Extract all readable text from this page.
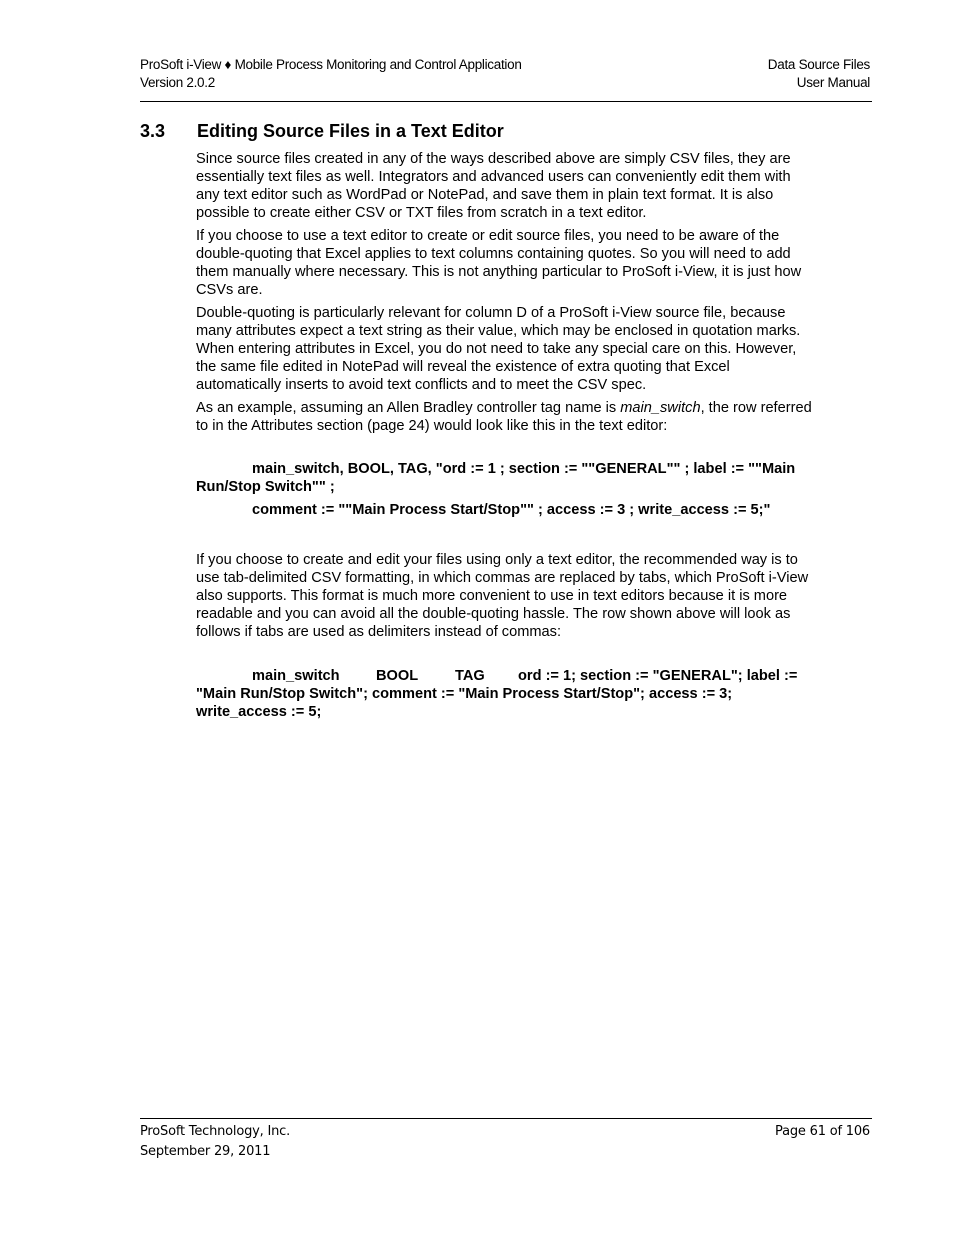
ProSoft i-View ♦ Mobile Process Monitoring and Control Application
Version 2.0.2
Data Source Files
User Manual
3.3 Editing Source Files in a Text Editor

Since source files created in any of the ways described above are simply CSV files, they are essentially text files as well. Integrators and advanced users can conveniently edit them with any text editor such as WordPad or NotePad, and save them in plain text format. It is also possible to create either CSV or TXT files from scratch in a text editor.

If you choose to use a text editor to create or edit source files, you need to be aware of the double-quoting that Excel applies to text columns containing quotes. So you will need to add them manually where necessary. This is not anything particular to ProSoft i-View, it is just how CSVs are.

Double-quoting is particularly relevant for column D of a ProSoft i-View source file, because many attributes expect a text string as their value, which may be enclosed in quotation marks. When entering attributes in Excel, you do not need to take any special care on this. However, the same file edited in NotePad will reveal the existence of extra quoting that Excel automatically inserts to avoid text conflicts and to meet the CSV spec.

As an example, assuming an Allen Bradley controller tag name is main_switch, the row referred to in the Attributes section (page 24) would look like this in the text editor:

main_switch, BOOL, TAG, "ord := 1 ; section := ""GENERAL"" ; label := ""Main Run/Stop Switch"" ;

comment := ""Main Process Start/Stop"" ; access := 3 ; write_access := 5;"

If you choose to create and edit your files using only a text editor, the recommended way is to use tab-delimited CSV formatting, in which commas are replaced by tabs, which ProSoft i-View also supports. This format is much more convenient to use in text editors because it is more readable and you can avoid all the double-quoting hassle. The row shown above will look as follows if tabs are used as delimiters instead of commas:

main_switch BOOL	TAG ord := 1; section := "GENERAL"; label := "Main Run/Stop Switch"; comment := "Main Process Start/Stop"; access := 3; write_access := 5;

ProSoft Technology, Inc.
September 29, 2011
Page 61 of 106
